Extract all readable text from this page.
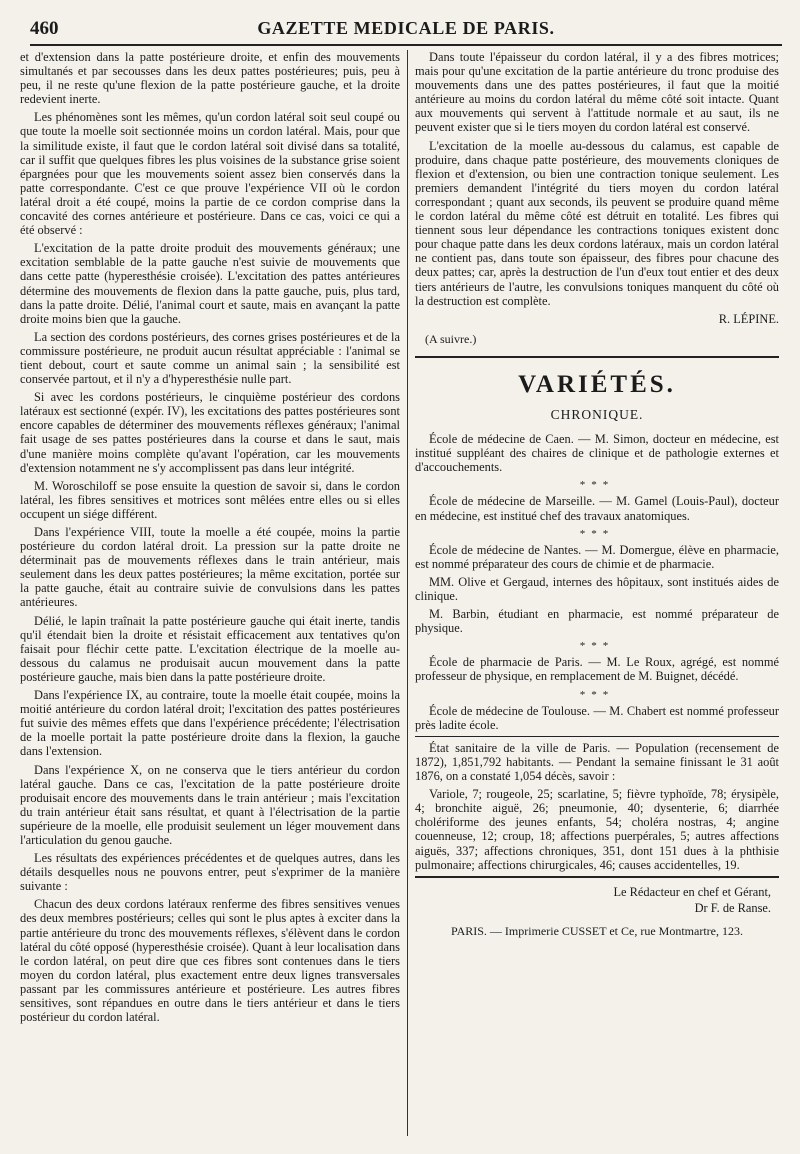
460	GAZETTE MEDICALE DE PARIS.

et d'extension dans la patte postérieure droite, et enfin des mouvements simultanés et par secousses dans les deux pattes postérieures; puis, peu à peu, il ne reste qu'une flexion de la patte postérieure gauche, et la droite redevient inerte.

Les phénomènes sont les mêmes, qu'un cordon latéral soit seul coupé ou que toute la moelle soit sectionnée moins un cordon latéral. Mais, pour que la similitude existe, il faut que le cordon latéral soit divisé dans sa totalité, car il suffit que quelques fibres les plus voisines de la substance grise soient épargnées pour que les mouvements soient assez bien conservés dans la patte correspondante. C'est ce que prouve l'expérience VII où le cordon latéral droit a été coupé, moins la partie de ce cordon comprise dans la concavité des cornes antérieure et postérieure. Dans ce cas, voici ce qui a été observé :

L'excitation de la patte droite produit des mouvements généraux; une excitation semblable de la patte gauche n'est suivie de mouvements que dans cette patte (hyperesthésie croisée). L'excitation des pattes antérieures détermine des mouvements de flexion dans la patte gauche, puis, plus tard, dans la patte droite. Délié, l'animal court et saute, mais en avançant la patte droite moins bien que la gauche.

La section des cordons postérieurs, des cornes grises postérieures et de la commissure postérieure, ne produit aucun résultat appréciable : l'animal se tient debout, court et saute comme un animal sain ; la sensibilité est conservée partout, et il n'y a d'hyperesthésie nulle part.

Si avec les cordons postérieurs, le cinquième postérieur des cordons latéraux est sectionné (expér. IV), les excitations des pattes postérieures sont encore capables de déterminer des mouvements réflexes généraux; l'animal fait usage de ses pattes postérieures dans la course et dans le saut, mais d'une manière moins complète qu'avant l'opération, car les mouvements d'extension notamment ne s'y accomplissent pas dans leur intégrité.

M. Woroschiloff se pose ensuite la question de savoir si, dans le cordon latéral, les fibres sensitives et motrices sont mêlées entre elles ou si elles occupent un siége différent.

Dans l'expérience VIII, toute la moelle a été coupée, moins la partie postérieure du cordon latéral droit. La pression sur la patte droite ne déterminait pas de mouvements réflexes dans le train antérieur, mais seulement dans les deux pattes postérieures; la même excitation, portée sur la patte gauche, était au contraire suivie de convulsions dans les pattes antérieures.

Délié, le lapin traînait la patte postérieure gauche qui était inerte, tandis qu'il étendait bien la droite et résistait efficacement aux tentatives qu'on faisait pour fléchir cette patte. L'excitation électrique de la moelle au-dessous du calamus ne produisait aucun mouvement dans la patte postérieure gauche, mais bien dans la patte postérieure droite.

Dans l'expérience IX, au contraire, toute la moelle était coupée, moins la moitié antérieure du cordon latéral droit; l'excitation des pattes postérieures fut suivie des mêmes effets que dans l'expérience précédente; l'électrisation de la moelle portait la patte postérieure droite dans la flexion, la gauche dans l'extension.

Dans l'expérience X, on ne conserva que le tiers antérieur du cordon latéral gauche. Dans ce cas, l'excitation de la patte postérieure droite produisait encore des mouvements dans le train antérieur ; mais l'excitation du train antérieur était sans résultat, et quant à l'électrisation de la partie supérieure de la moelle, elle produisit seulement un léger mouvement dans l'articulation du genou gauche.

Les résultats des expériences précédentes et de quelques autres, dans les détails desquelles nous ne pouvons entrer, peut s'exprimer de la manière suivante :

Chacun des deux cordons latéraux renferme des fibres sensitives venues des deux membres postérieurs; celles qui sont le plus aptes à exciter dans la partie antérieure du tronc des mouvements réflexes, s'élèvent dans le cordon latéral du côté opposé (hyperesthésie croisée). Quant à leur localisation dans le cordon latéral, on peut dire que ces fibres sont contenues dans le tiers moyen du cordon latéral, plus exactement entre deux lignes transversales passant par les commissures antérieure et postérieure. Les autres fibres sensitives, sont répandues en outre dans le tiers antérieur et dans le tiers postérieur du cordon latéral.

Dans toute l'épaisseur du cordon latéral, il y a des fibres motrices; mais pour qu'une excitation de la partie antérieure du tronc produise des mouvements dans une des pattes postérieures, il faut que la moitié antérieure au moins du cordon latéral du même côté soit intacte. Quant aux mouvements qui servent à l'attitude normale et au saut, ils ne peuvent exister que si le tiers moyen du cordon latéral est conservé.

L'excitation de la moelle au-dessous du calamus, est capable de produire, dans chaque patte postérieure, des mouvements cloniques de flexion et d'extension, ou bien une contraction tonique seulement. Les premiers demandent l'intégrité du tiers moyen du cordon latéral correspondant ; quant aux seconds, ils peuvent se produire quand même le cordon latéral du même côté est détruit en totalité. Les fibres qui tiennent sous leur dépendance les contractions toniques existent donc pour chaque patte dans les deux cordons latéraux, mais un cordon latéral ne contient pas, dans toute son épaisseur, des fibres pour chacune des deux pattes; car, après la destruction de l'un d'eux tout entier et des deux tiers antérieurs de l'autre, les convulsions toniques manquent du côté où la destruction est complète.

R. LÉPINE.
(A suivre.)
VARIÉTÉS.
CHRONIQUE.

École de médecine de Caen. — M. Simon, docteur en médecine, est institué suppléant des chaires de clinique et de pathologie externes et d'accouchements.

***

École de médecine de Marseille. — M. Gamel (Louis-Paul), docteur en médecine, est institué chef des travaux anatomiques.

***

École de médecine de Nantes. — M. Domergue, élève en pharmacie, est nommé préparateur des cours de chimie et de pharmacie.

MM. Olive et Gergaud, internes des hôpitaux, sont institués aides de clinique.

M. Barbin, étudiant en pharmacie, est nommé préparateur de physique.

***

École de pharmacie de Paris. — M. Le Roux, agrégé, est nommé professeur de physique, en remplacement de M. Buignet, décédé.

***

École de médecine de Toulouse. — M. Chabert est nommé professeur près ladite école.

État sanitaire de la ville de Paris. — Population (recensement de 1872), 1,851,792 habitants. — Pendant la semaine finissant le 31 août 1876, on a constaté 1,054 décès, savoir :

Variole, 7; rougeole, 25; scarlatine, 5; fièvre typhoïde, 78; érysipèle, 4; bronchite aiguë, 26; pneumonie, 40; dysenterie, 6; diarrhée cholériforme des jeunes enfants, 54; choléra nostras, 4; angine couenneuse, 12; croup, 18; affections puerpérales, 5; autres affections aiguës, 337; affections chroniques, 351, dont 151 dues à la phthisie pulmonaire; affections chirurgicales, 46; causes accidentelles, 19.

Le Rédacteur en chef et Gérant,
Dr F. de Ranse.
PARIS. — Imprimerie CUSSET et Ce, rue Montmartre, 123.
